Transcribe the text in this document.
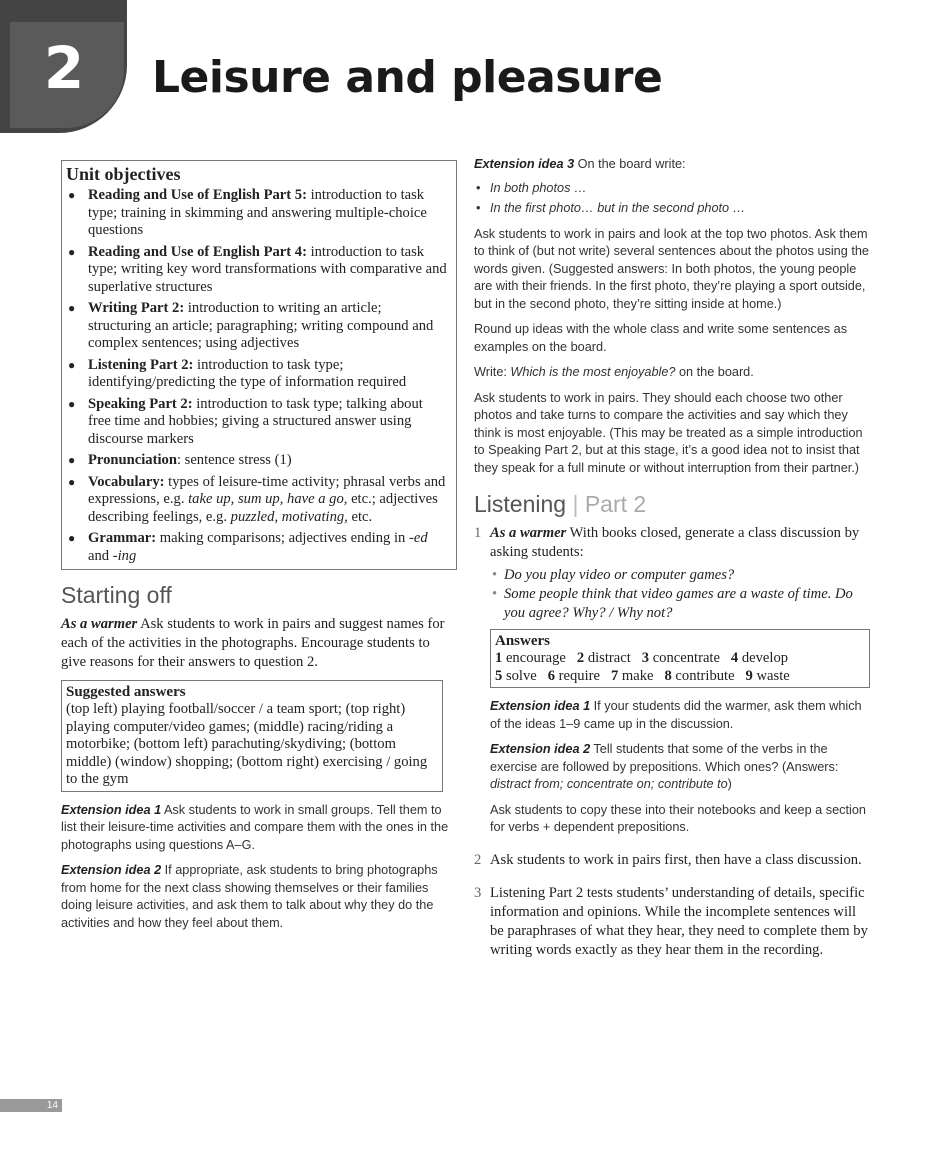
2 Leisure and pleasure
Unit objectives
● Reading and Use of English Part 5: introduction to task type; training in skimming and answering multiple-choice questions
● Reading and Use of English Part 4: introduction to task type; writing key word transformations with comparative and superlative structures
● Writing Part 2: introduction to writing an article; structuring an article; paragraphing; writing compound and complex sentences; using adjectives
● Listening Part 2: introduction to task type; identifying/predicting the type of information required
● Speaking Part 2: introduction to task type; talking about free time and hobbies; giving a structured answer using discourse markers
● Pronunciation: sentence stress (1)
● Vocabulary: types of leisure-time activity; phrasal verbs and expressions, e.g. take up, sum up, have a go, etc.; adjectives describing feelings, e.g. puzzled, motivating, etc.
● Grammar: making comparisons; adjectives ending in -ed and -ing
Starting off

As a warmer Ask students to work in pairs and suggest names for each of the activities in the photographs. Encourage students to give reasons for their answers to question 2.

Suggested answers

(top left) playing football/soccer / a team sport; (top right) playing computer/video games; (middle) racing/riding a motorbike; (bottom left) parachuting/skydiving; (bottom middle) (window) shopping; (bottom right) exercising / going to the gym

Extension idea 1 Ask students to work in small groups. Tell them to list their leisure-time activities and compare them with the ones in the photographs using questions A–G.

Extension idea 2 If appropriate, ask students to bring photographs from home for the next class showing themselves or their families doing leisure activities, and ask them to talk about why they do the activities and how they feel about them.

Extension idea 3 On the board write:

• In both photos …
• In the first photo… but in the second photo …

Ask students to work in pairs and look at the top two photos. Ask them to think of (but not write) several sentences about the photos using the words given. (Suggested answers: In both photos, the young people are with their friends. In the first photo, they’re playing a sport outside, but in the second photo, they’re sitting inside at home.)

Round up ideas with the whole class and write some sentences as examples on the board.

Write: Which is the most enjoyable? on the board.

Ask students to work in pairs. They should each choose two other photos and take turns to compare the activities and say which they think is most enjoyable. (This may be treated as a simple introduction to Speaking Part 2, but at this stage, it’s a good idea not to insist that they speak for a full minute or without interruption from their partner.)

Listening | Part 2
1 As a warmer With books closed, generate a class discussion by asking students:
• Do you play video or computer games?
• Some people think that video games are a waste of time. Do you agree? Why? / Why not?
Answers

1 encourage 2 distract 3 concentrate 4 develop

5 solve 6 require 7 make 8 contribute 9 waste

Extension idea 1 If your students did the warmer, ask them which of the ideas 1–9 came up in the discussion.

Extension idea 2 Tell students that some of the verbs in the exercise are followed by prepositions. Which ones? (Answers: distract from; concentrate on; contribute to)

Ask students to copy these into their notebooks and keep a section for verbs + dependent prepositions.

2 Ask students to work in pairs first, then have a class discussion.
3 Listening Part 2 tests students’ understanding of details, specific information and opinions. While the incomplete sentences will be paraphrases of what they hear, they need to complete them by writing words exactly as they hear them in the recording.
14
